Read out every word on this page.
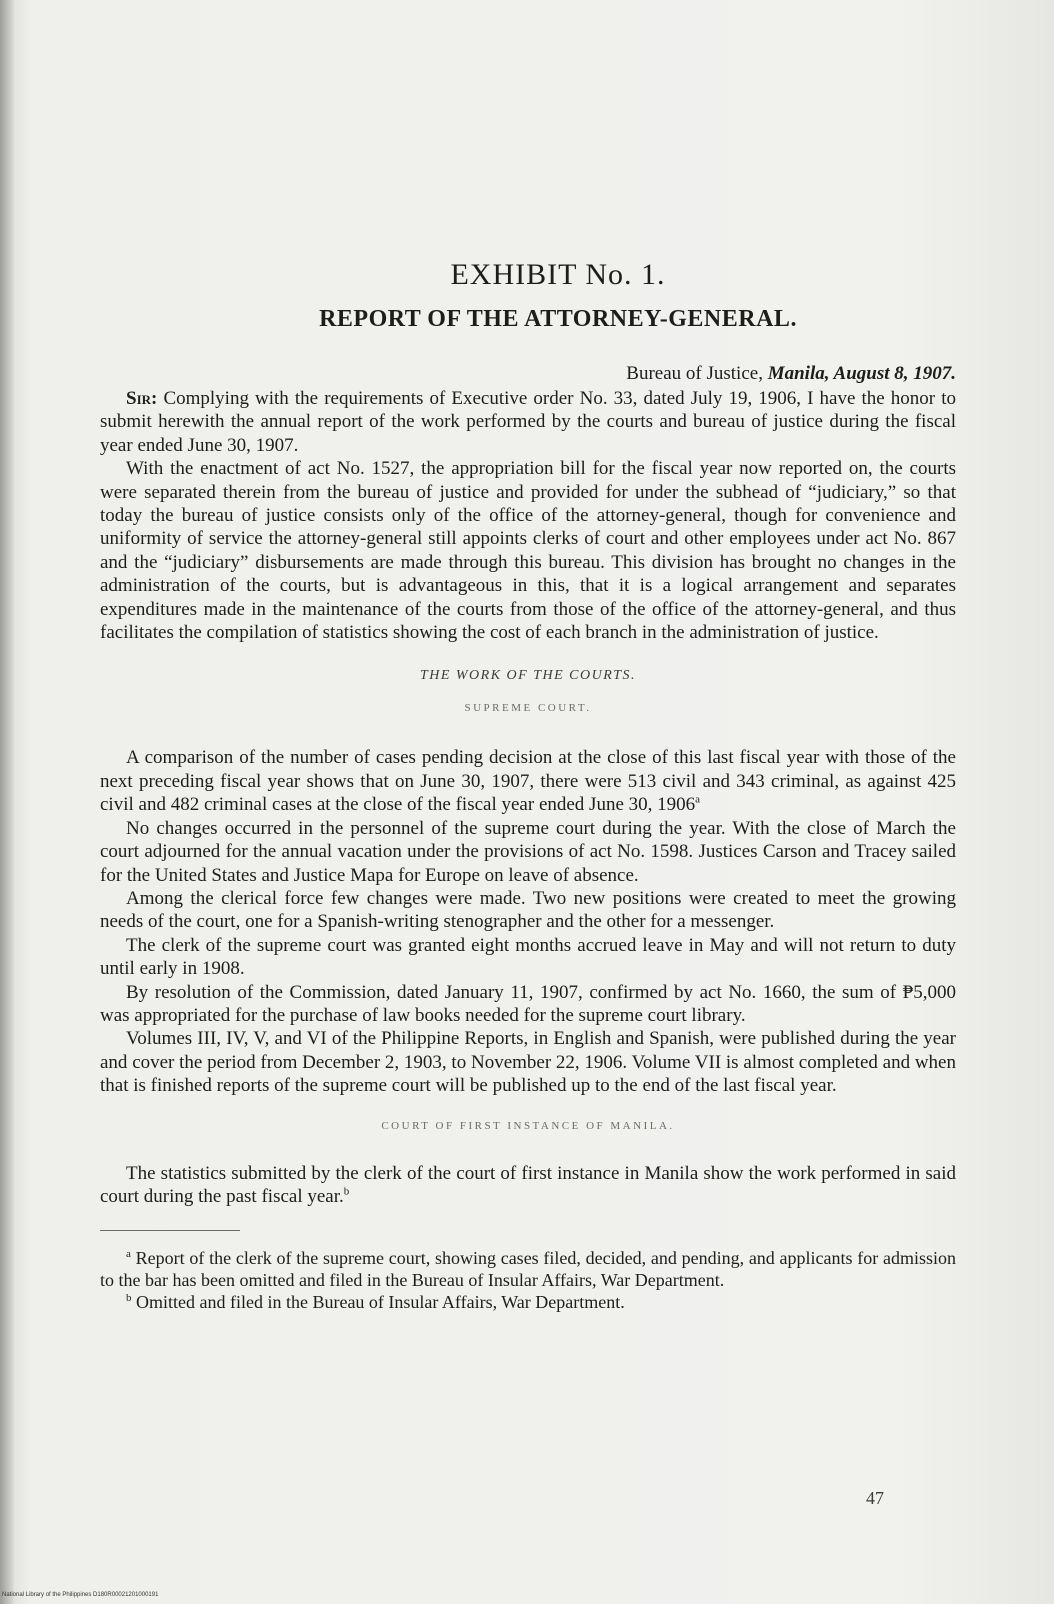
EXHIBIT No. 1.
REPORT OF THE ATTORNEY-GENERAL.
Bureau of Justice, Manila, August 8, 1907.

Sir: Complying with the requirements of Executive order No. 33, dated July 19, 1906, I have the honor to submit herewith the annual report of the work performed by the courts and bureau of justice during the fiscal year ended June 30, 1907.

With the enactment of act No. 1527, the appropriation bill for the fiscal year now reported on, the courts were separated therein from the bureau of justice and provided for under the subhead of “judiciary,” so that today the bureau of justice consists only of the office of the attorney-general, though for convenience and uniformity of service the attorney-general still appoints clerks of court and other employees under act No. 867 and the “judiciary” disbursements are made through this bureau. This division has brought no changes in the administration of the courts, but is advantageous in this, that it is a logical arrangement and separates expenditures made in the maintenance of the courts from those of the office of the attorney-general, and thus facilitates the compilation of statistics showing the cost of each branch in the administration of justice.

THE WORK OF THE COURTS.
SUPREME COURT.

A comparison of the number of cases pending decision at the close of this last fiscal year with those of the next preceding fiscal year shows that on June 30, 1907, there were 513 civil and 343 criminal, as against 425 civil and 482 criminal cases at the close of the fiscal year ended June 30, 1906$^a$

No changes occurred in the personnel of the supreme court during the year. With the close of March the court adjourned for the annual vacation under the provisions of act No. 1598. Justices Carson and Tracey sailed for the United States and Justice Mapa for Europe on leave of absence.

Among the clerical force few changes were made. Two new positions were created to meet the growing needs of the court, one for a Spanish-writing stenographer and the other for a messenger.

The clerk of the supreme court was granted eight months accrued leave in May and will not return to duty until early in 1908.

By resolution of the Commission, dated January 11, 1907, confirmed by act No. 1660, the sum of ₱5,000 was appropriated for the purchase of law books needed for the supreme court library.

Volumes III, IV, V, and VI of the Philippine Reports, in English and Spanish, were published during the year and cover the period from December 2, 1903, to November 22, 1906. Volume VII is almost completed and when that is finished reports of the supreme court will be published up to the end of the last fiscal year.

COURT OF FIRST INSTANCE OF MANILA.

The statistics submitted by the clerk of the court of first instance in Manila show the work performed in said court during the past fiscal year.$^b$

$^a$ Report of the clerk of the supreme court, showing cases filed, decided, and pending, and applicants for admission to the bar has been omitted and filed in the Bureau of Insular Affairs, War Department.
$^b$ Omitted and filed in the Bureau of Insular Affairs, War Department.
47
National Library of the Philippines D180R00021201000191
